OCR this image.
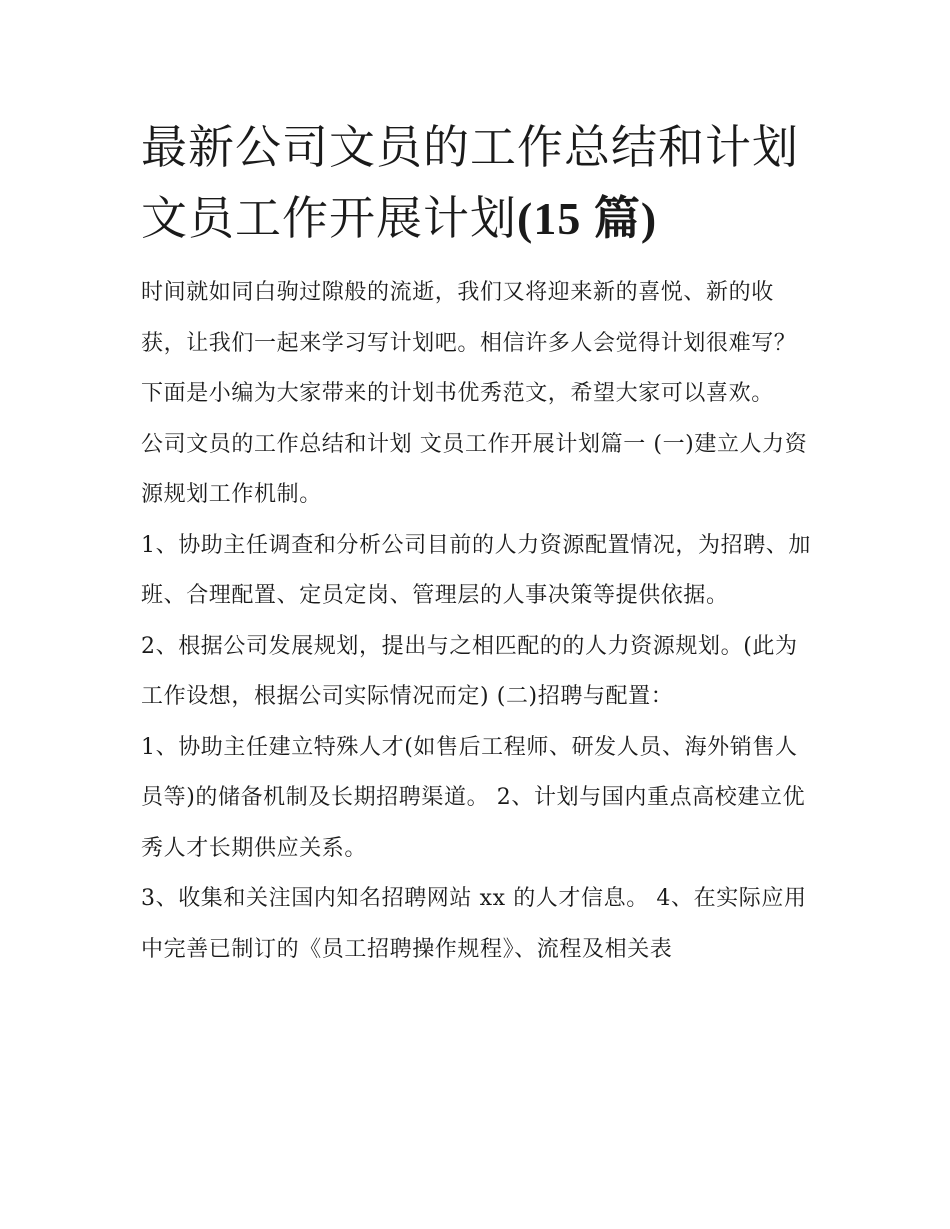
最新公司文员的工作总结和计划 文员工作开展计划(15 篇)

时间就如同白驹过隙般的流逝，我们又将迎来新的喜悦、新的收获，让我们一起来学习写计划吧。相信许多人会觉得计划很难写？下面是小编为大家带来的计划书优秀范文，希望大家可以喜欢。

公司文员的工作总结和计划 文员工作开展计划篇一 (一)建立人力资源规划工作机制。

1、协助主任调查和分析公司目前的人力资源配置情况，为招聘、加班、合理配置、定员定岗、管理层的人事决策等提供依据。

2、根据公司发展规划，提出与之相匹配的的人力资源规划。(此为工作设想，根据公司实际情况而定) (二)招聘与配置：

1、协助主任建立特殊人才(如售后工程师、研发人员、海外销售人员等)的储备机制及长期招聘渠道。 2、计划与国内重点高校建立优秀人才长期供应关系。

3、收集和关注国内知名招聘网站 xx 的人才信息。 4、在实际应用中完善已制订的《员工招聘操作规程》、流程及相关表
